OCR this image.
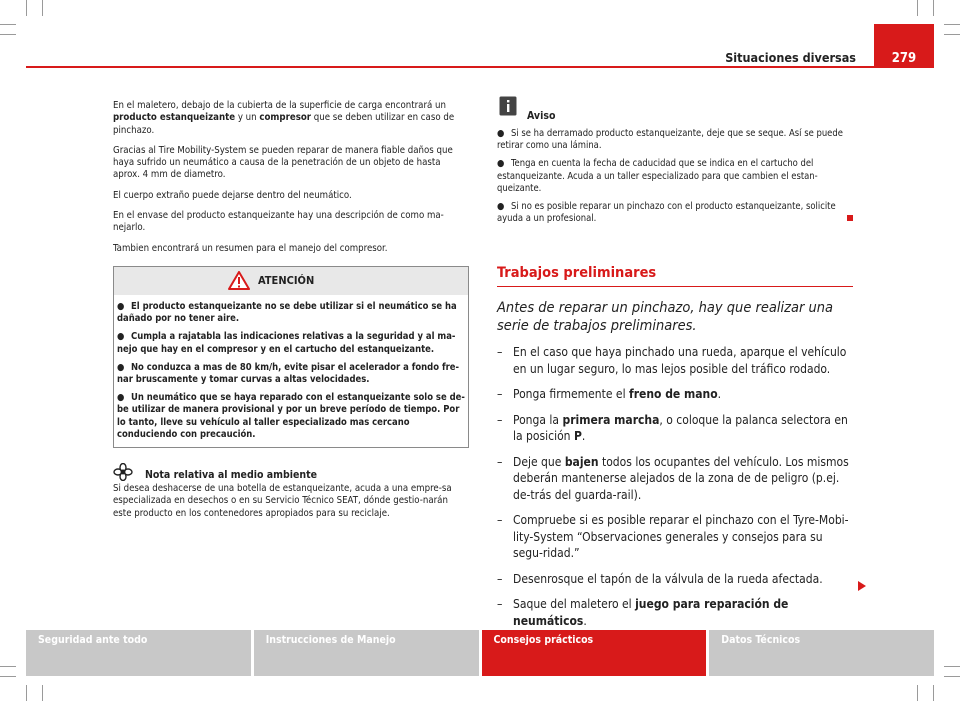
Situaciones diversas	279

En el maletero, debajo de la cubierta de la superficie de carga encontrará un producto estanqueizante y un compresor que se deben utilizar en caso de pinchazo.

Gracias al Tire Mobility-System se pueden reparar de manera fiable daños que haya sufrido un neumático a causa de la penetración de un objeto de hasta aprox. 4 mm de diametro.

El cuerpo extraño puede dejarse dentro del neumático.

En el envase del producto estanqueizante hay una descripción de como ma-nejarlo.

Tambien encontrará un resumen para el manejo del compresor.

ATENCIÓN
● El producto estanqueizante no se debe utilizar si el neumático se ha dañado por no tener aire.
● Cumpla a rajatabla las indicaciones relativas a la seguridad y al ma-nejo que hay en el compresor y en el cartucho del estanqueizante.
● No conduzca a mas de 80 km/h, evite pisar el acelerador a fondo fre-nar bruscamente y tomar curvas a altas velocidades.
● Un neumático que se haya reparado con el estanqueizante solo se de-be utilizar de manera provisional y por un breve período de tiempo. Por lo tanto, lleve su vehículo al taller especializado mas cercano conduciendo con precaución.
Nota relativa al medio ambiente

Si desea deshacerse de una botella de estanqueizante, acuda a una empre-sa especializada en desechos o en su Servicio Técnico SEAT, dónde gestio-narán este producto en los contenedores apropiados para su reciclaje.

Aviso
● Si se ha derramado producto estanqueizante, deje que se seque. Así se puede retirar como una lámina.
● Tenga en cuenta la fecha de caducidad que se indica en el cartucho del estanqueizante. Acuda a un taller especializado para que cambien el estan-queizante.
● Si no es posible reparar un pinchazo con el producto estanqueizante, solicite ayuda a un profesional.
Trabajos preliminares
Antes de reparar un pinchazo, hay que realizar una serie de trabajos preliminares.
– En el caso que haya pinchado una rueda, aparque el vehículo en un lugar seguro, lo mas lejos posible del tráfico rodado.
– Ponga firmemente el freno de mano.
– Ponga la primera marcha, o coloque la palanca selectora en la posición P.
– Deje que bajen todos los ocupantes del vehículo. Los mismos deberán mantenerse alejados de la zona de de peligro (p.ej. de-trás del guarda-rail).
– Compruebe si es posible reparar el pinchazo con el Tyre-Mobi-lity-System “Observaciones generales y consejos para su segu-ridad.”
– Desenrosque el tapón de la válvula de la rueda afectada.
– Saque del maletero el juego para reparación de neumáticos.
Seguridad ante todo	Instrucciones de Manejo	Consejos prácticos	Datos Técnicos
